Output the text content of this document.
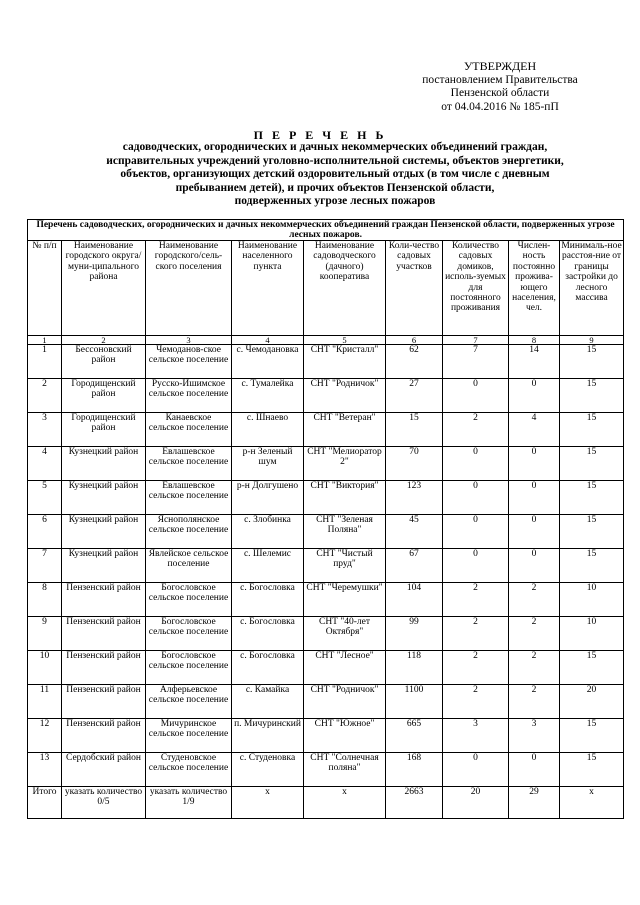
УТВЕРЖДЕН
постановлением Правительства
Пензенской области
от 04.04.2016 № 185-пП
П Е Р Е Ч Е Н Ь
садоводческих, огороднических и дачных некоммерческих объединений граждан,
исправительных учреждений уголовно-исполнительной системы, объектов энергетики,
объектов, организующих детский оздоровительный отдых (в том числе с дневным
пребыванием детей), и прочих объектов Пензенской области,
подверженных угрозе лесных пожаров
Перечень садоводческих, огороднических и дачных некоммерческих объединений граждан Пензенской области, подверженных угрозе лесных пожаров.								
№ п/п	Наименование городского округа/муни-ципального района	Наименование городского/сель-ского поселения	Наименование населенного пункта	Наименование садоводческого (дачного) кооператива	Коли-чество садовых участков	Количество садовых домиков, исполь-зуемых для постоянного проживания	Числен-ность постоянно прожива-ющего населения, чел.	Минималь-ное расстоя-ние от границы застройки до лесного массива
1	2	3	4	5	6	7	8	9
1	Бессоновский район	Чемоданов-ское сельское поселение	с. Чемодановка	СНТ "Кристалл"	62	7	14	15
2	Городищенский район	Русско-Ишимское сельское поселение	с. Тумалейка	СНТ "Родничок"	27	0	0	15
3	Городищенский район	Канаевское сельское поселение	с. Шнаево	СНТ "Ветеран"	15	2	4	15
4	Кузнецкий район	Евлашевское сельское поселение	р-н Зеленый шум	СНТ "Мелиоратор 2"	70	0	0	15
5	Кузнецкий район	Евлашевское сельское поселение	р-н Долгушено	СНТ "Виктория"	123	0	0	15
6	Кузнецкий район	Яснополянское сельское поселение	с. Злобинка	СНТ "Зеленая Поляна"	45	0	0	15
7	Кузнецкий район	Явлейское сельское поселение	с. Шелемис	СНТ "Чистый пруд"	67	0	0	15
8	Пензенский район	Богословское сельское поселение	с. Богословка	СНТ "Черемушки"	104	2	2	10
9	Пензенский район	Богословское сельское поселение	с. Богословка	СНТ "40-лет Октября"	99	2	2	10
10	Пензенский район	Богословское сельское поселение	с. Богословка	СНТ "Лесное"	118	2	2	15
11	Пензенский район	Алферьевское сельское поселение	с. Камайка	СНТ "Родничок"	1100	2	2	20
12	Пензенский район	Мичуринское сельское поселение	п. Мичуринский	СНТ "Южное"	665	3	3	15
13	Сердобский район	Студеновское сельское поселение	с. Студеновка	СНТ "Солнечная поляна"	168	0	0	15
Итого	указать количество 0/5	указать количество 1/9	х	х	2663	20	29	х
